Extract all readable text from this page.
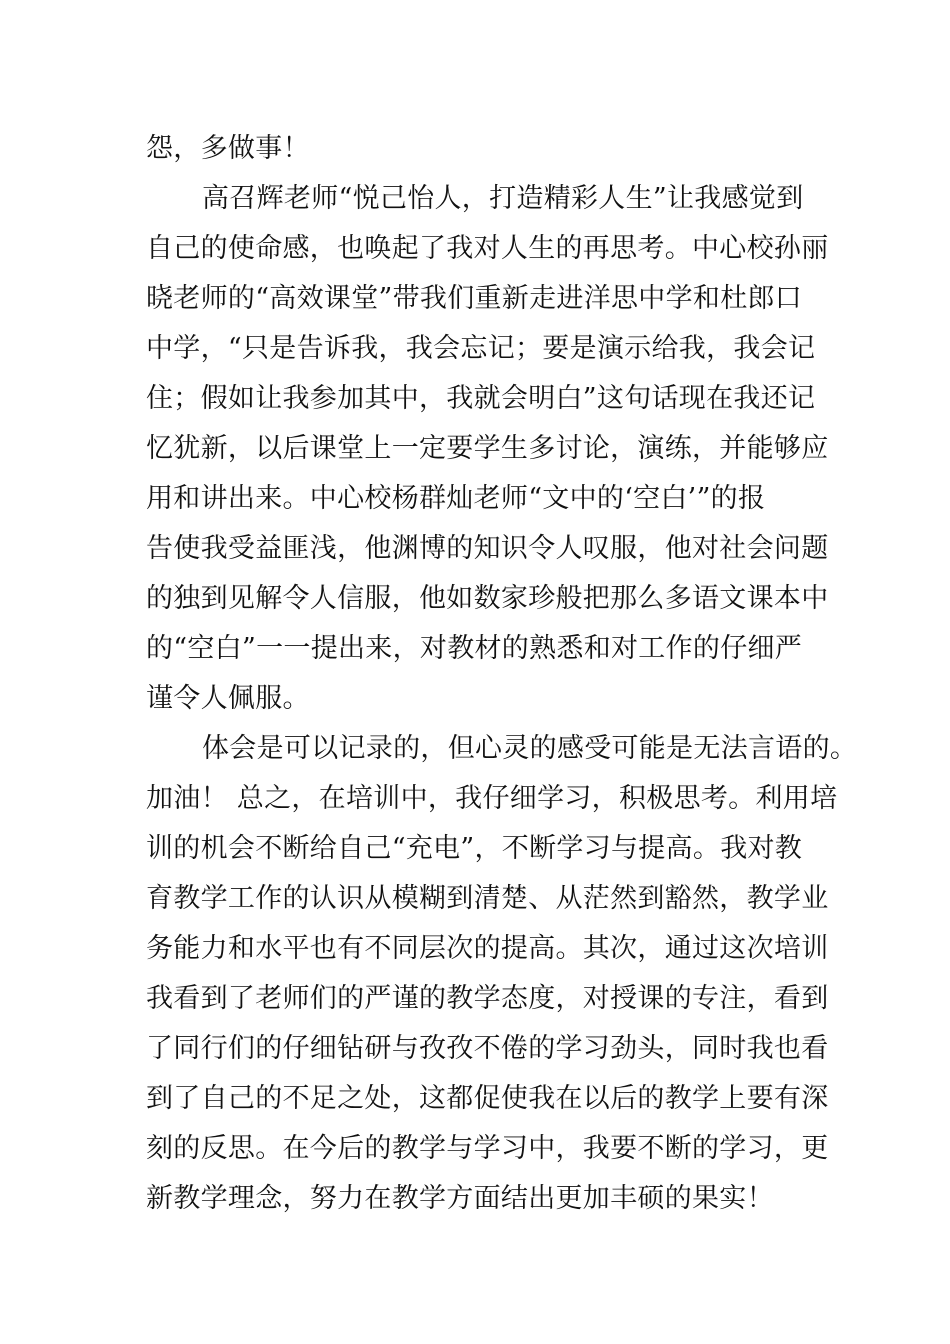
怨，多做事！
高召辉老师“悦己怡人，打造精彩人生”让我感觉到
自己的使命感，也唤起了我对人生的再思考。中心校孙丽
晓老师的“高效课堂”带我们重新走进洋思中学和杜郎口
中学，“只是告诉我，我会忘记；要是演示给我，我会记
住；假如让我参加其中，我就会明白”这句话现在我还记
忆犹新，以后课堂上一定要学生多讨论，演练，并能够应
用和讲出来。中心校杨群灿老师“文中的‘空白’”的报
告使我受益匪浅，他渊博的知识令人叹服，他对社会问题
的独到见解令人信服，他如数家珍般把那么多语文课本中
的“空白”一一提出来，对教材的熟悉和对工作的仔细严
谨令人佩服。
体会是可以记录的，但心灵的感受可能是无法言语的。
加油！ 总之，在培训中，我仔细学习，积极思考。利用培
训的机会不断给自己“充电”，不断学习与提高。我对教
育教学工作的认识从模糊到清楚、从茫然到豁然，教学业
务能力和水平也有不同层次的提高。其次，通过这次培训
我看到了老师们的严谨的教学态度，对授课的专注，看到
了同行们的仔细钻研与孜孜不倦的学习劲头，同时我也看
到了自己的不足之处，这都促使我在以后的教学上要有深
刻的反思。在今后的教学与学习中，我要不断的学习，更
新教学理念，努力在教学方面结出更加丰硕的果实！
